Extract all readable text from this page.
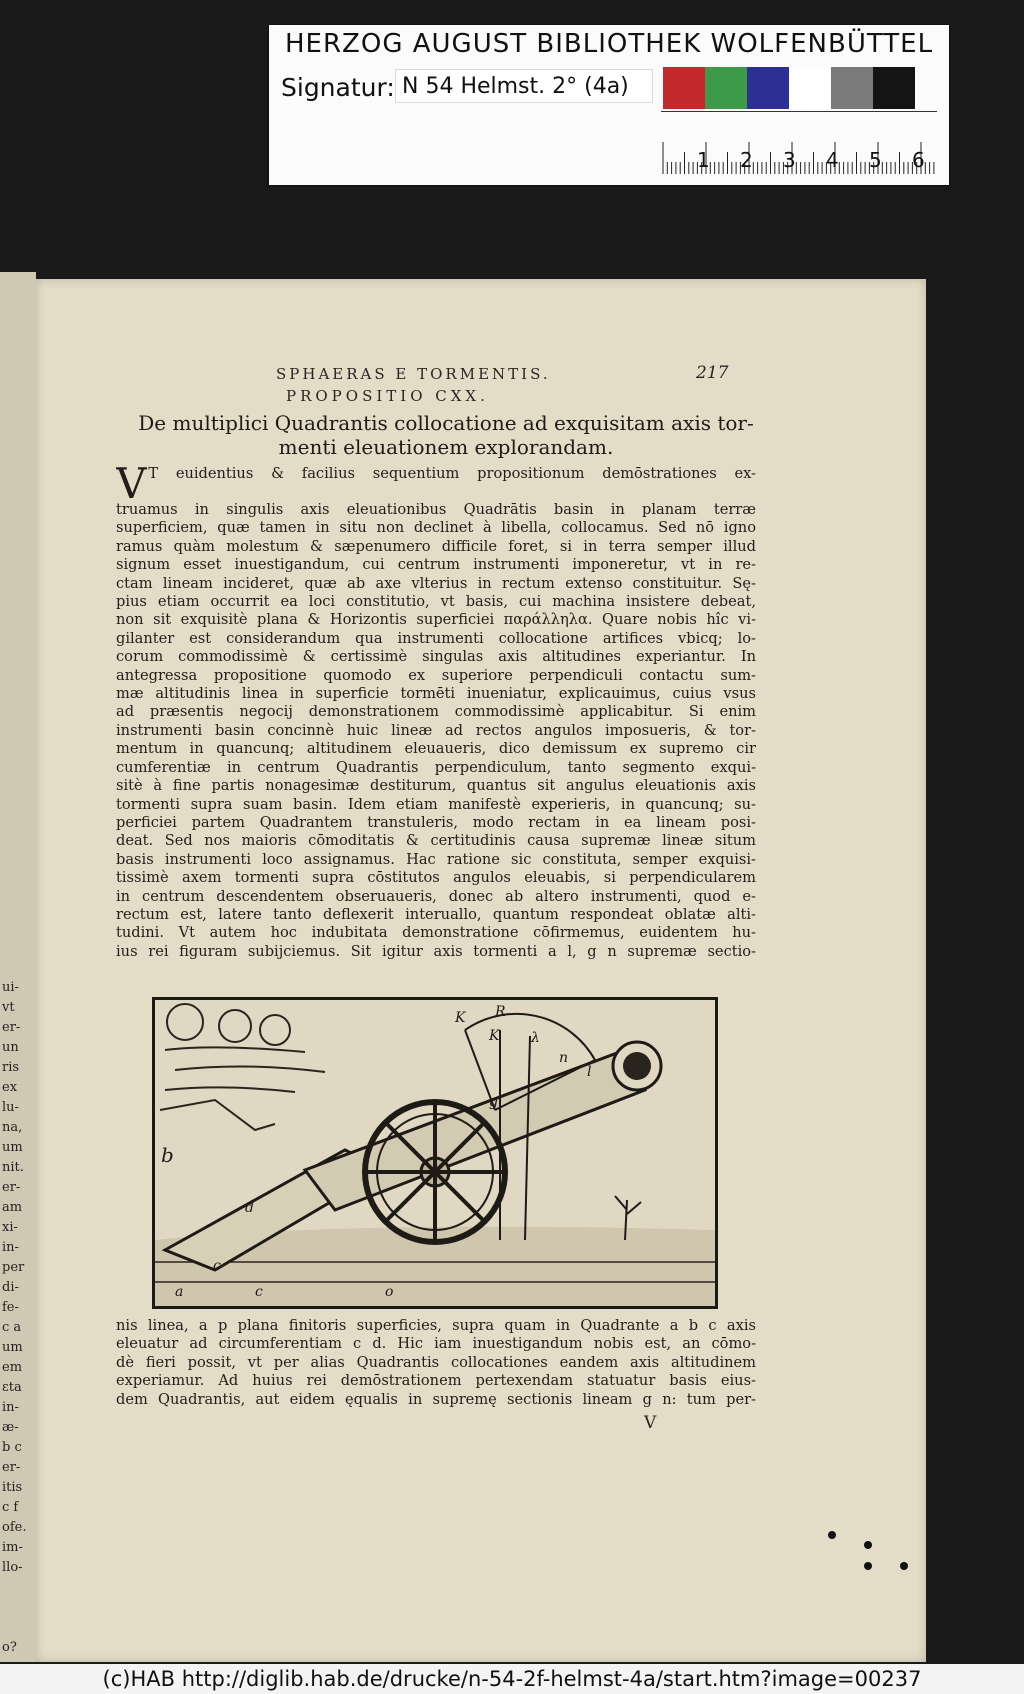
HERZOG AUGUST BIBLIOTHEK WOLFENBÜTTEL
Signatur: N 54 Helmst. 2° (4a)
1 2 3 4 5 6
ui-
vt
er-
un
ris
ex
lu-
na,
um
nit.
er-
am
xi-
in-
per
di-
fe-
c a
um
em
ɛta
in-
æ-
b c
er-
itis
c f
ofe.
im-
llo-

o?
SPHAERAS E TORMENTIS.	217
PROPOSITIO CXX.
De multiplici Quadrantis collocatione ad exquisitam axis tor-
menti eleuationem explorandam.
V T euidentius & facilius sequentium propositionum demōstrationes ex-
truamus in singulis axis eleuationibus Quadrātis basin in planam terræ
superficiem, quæ tamen in situ non declinet à libella, collocamus. Sed nō igno
ramus quàm molestum & sæpenumero difficile foret, si in terra semper illud
signum esset inuestigandum, cui centrum instrumenti imponeretur, vt in re-
ctam lineam incideret, quæ ab axe vlterius in rectum extenso constituitur. Sę-
pius etiam occurrit ea loci constitutio, vt basis, cui machina insistere debeat,
non sit exquisitè plana & Horizontis superficiei παράλληλα. Quare nobis hîc vi-
gilanter est considerandum qua instrumenti collocatione artifices vbicq; lo-
corum commodissimè & certissimè singulas axis altitudines experiantur. In
antegressa propositione quomodo ex superiore perpendiculi contactu sum-
mæ altitudinis linea in superficie tormēti inueniatur, explicauimus, cuius vsus
ad præsentis negocij demonstrationem commodissimè applicabitur. Si enim
instrumenti basin concinnè huic lineæ ad rectos angulos imposueris, & tor-
mentum in quancunq; altitudinem eleuaueris, dico demissum ex supremo cir
cumferentiæ in centrum Quadrantis perpendiculum, tanto segmento exqui-
sitè à fine partis nonagesimæ destiturum, quantus sit angulus eleuationis axis
tormenti supra suam basin. Idem etiam manifestè experieris, in quancunq; su-
perficiei partem Quadrantem transtuleris, modo rectam in ea lineam posi-
deat. Sed nos maioris cōmoditatis & certitudinis causa supremæ lineæ situm
basis instrumenti loco assignamus. Hac ratione sic constituta, semper exquisi-
tissimè axem tormenti supra cōstitutos angulos eleuabis, si perpendicularem
in centrum descendentem obseruaueris, donec ab altero instrumenti, quod e-
rectum est, latere tanto deflexerit interuallo, quantum respondeat oblatæ alti-
tudini. Vt autem hoc indubitata demonstratione cōfirmemus, euidentem hu-
ius rei figuram subijciemus. Sit igitur axis tormenti a l, g n supremæ sectio-
K R
K λ
n
l
g
b
c
d
a	c	o
nis linea, a p plana finitoris superficies, supra quam in Quadrante a b c axis
eleuatur ad circumferentiam c d. Hic iam inuestigandum nobis est, an cōmo-
dè fieri possit, vt per alias Quadrantis collocationes eandem axis altitudinem
experiamur. Ad huius rei demōstrationem pertexendam statuatur basis eius-
dem Quadrantis, aut eidem ęqualis in supremę sectionis lineam g n: tum per-
V
(c)HAB http://diglib.hab.de/drucke/n-54-2f-helmst-4a/start.htm?image=00237
